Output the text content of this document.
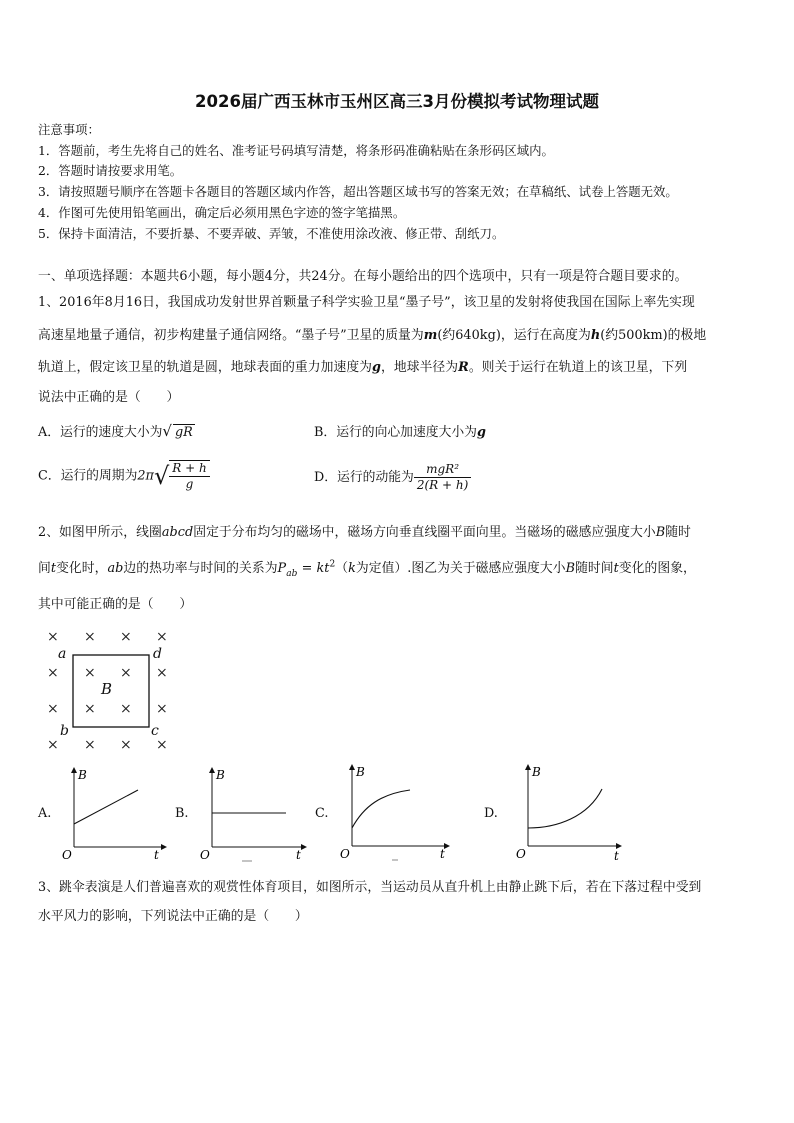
2026届广西玉林市玉州区高三3月份模拟考试物理试题
注意事项：
1．答题前，考生先将自己的姓名、准考证号码填写清楚，将条形码准确粘贴在条形码区域内。
2．答题时请按要求用笔。
3．请按照题号顺序在答题卡各题目的答题区域内作答，超出答题区域书写的答案无效；在草稿纸、试卷上答题无效。
4．作图可先使用铅笔画出，确定后必须用黑色字迹的签字笔描黑。
5．保持卡面清洁，不要折暴、不要弄破、弄皱，不准使用涂改液、修正带、刮纸刀。
一、单项选择题：本题共6小题，每小题4分，共24分。在每小题给出的四个选项中，只有一项是符合题目要求的。
1、2016年8月16日，我国成功发射世界首颗量子科学实验卫星“墨子号”，该卫星的发射将使我国在国际上率先实现
高速星地量子通信，初步构建量子通信网络。“墨子号”卫星的质量为m(约640kg)，运行在高度为h(约500km)的极地
轨道上，假定该卫星的轨道是圆，地球表面的重力加速度为g，地球半径为R。则关于运行在轨道上的该卫星，下列
说法中正确的是（　　）
A．运行的速度大小为√ gR	B．运行的向心加速度大小为g
C．运行的周期为$2\pi√ \frac{R + h}{g}$	D．运行的动能为 $\frac{\text{mgR²}}{2(R + h)}$
2、如图甲所示，线圈abcd固定于分布均匀的磁场中，磁场方向垂直线圈平面向里。当磁场的磁感应强度大小B随时
间t变化时，ab边的热功率与时间的关系为$P_{ab} = kt^2(k$为定值）.图乙为关于磁感应强度大小B随时间t变化的图象，
其中可能正确的是（　　）
× × × ×
× × × ×
× × × ×
× × × ×
a	d
b	c
B
A.
B
O	t
B.
B
O	t
C.
B
O	t
D.
B
O	t
3、跳伞表演是人们普遍喜欢的观赏性体育项目，如图所示，当运动员从直升机上由静止跳下后，若在下落过程中受到
水平风力的影响，下列说法中正确的是（　　）
